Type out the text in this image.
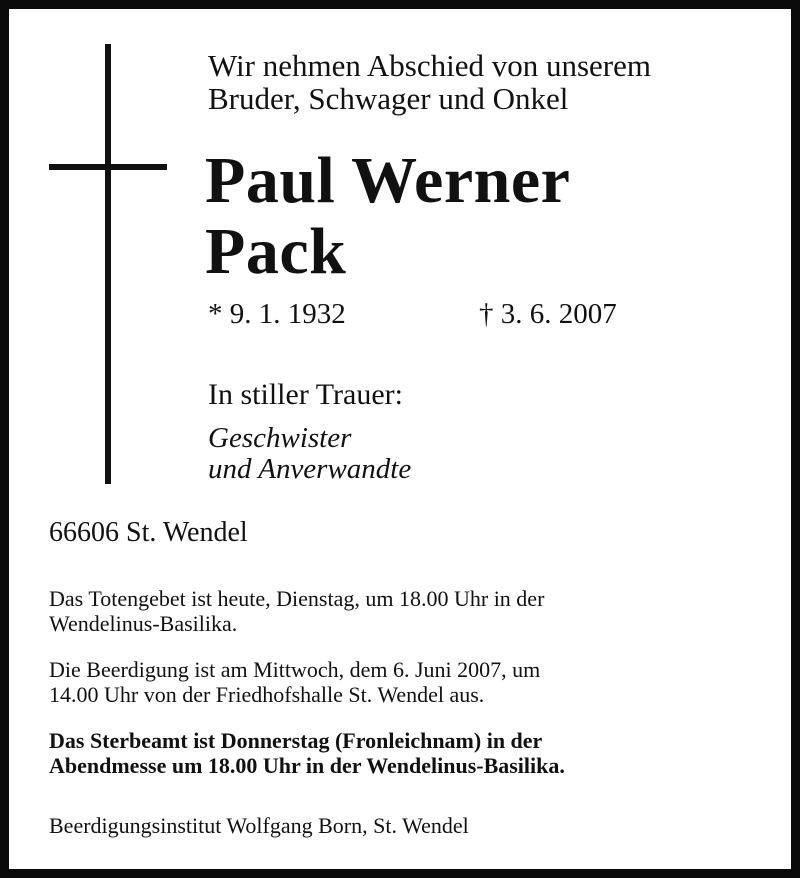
Wir nehmen Abschied von unserem
Bruder, Schwager und Onkel
Paul Werner
Pack
* 9. 1. 1932	† 3. 6. 2007
In stiller Trauer:
Geschwister
und Anverwandte
66606 St. Wendel
Das Totengebet ist heute, Dienstag, um 18.00 Uhr in der
Wendelinus-Basilika.
Die Beerdigung ist am Mittwoch, dem 6. Juni 2007, um
14.00 Uhr von der Friedhofshalle St. Wendel aus.
Das Sterbeamt ist Donnerstag (Fronleichnam) in der
Abendmesse um 18.00 Uhr in der Wendelinus-Basilika.
Beerdigungsinstitut Wolfgang Born, St. Wendel
